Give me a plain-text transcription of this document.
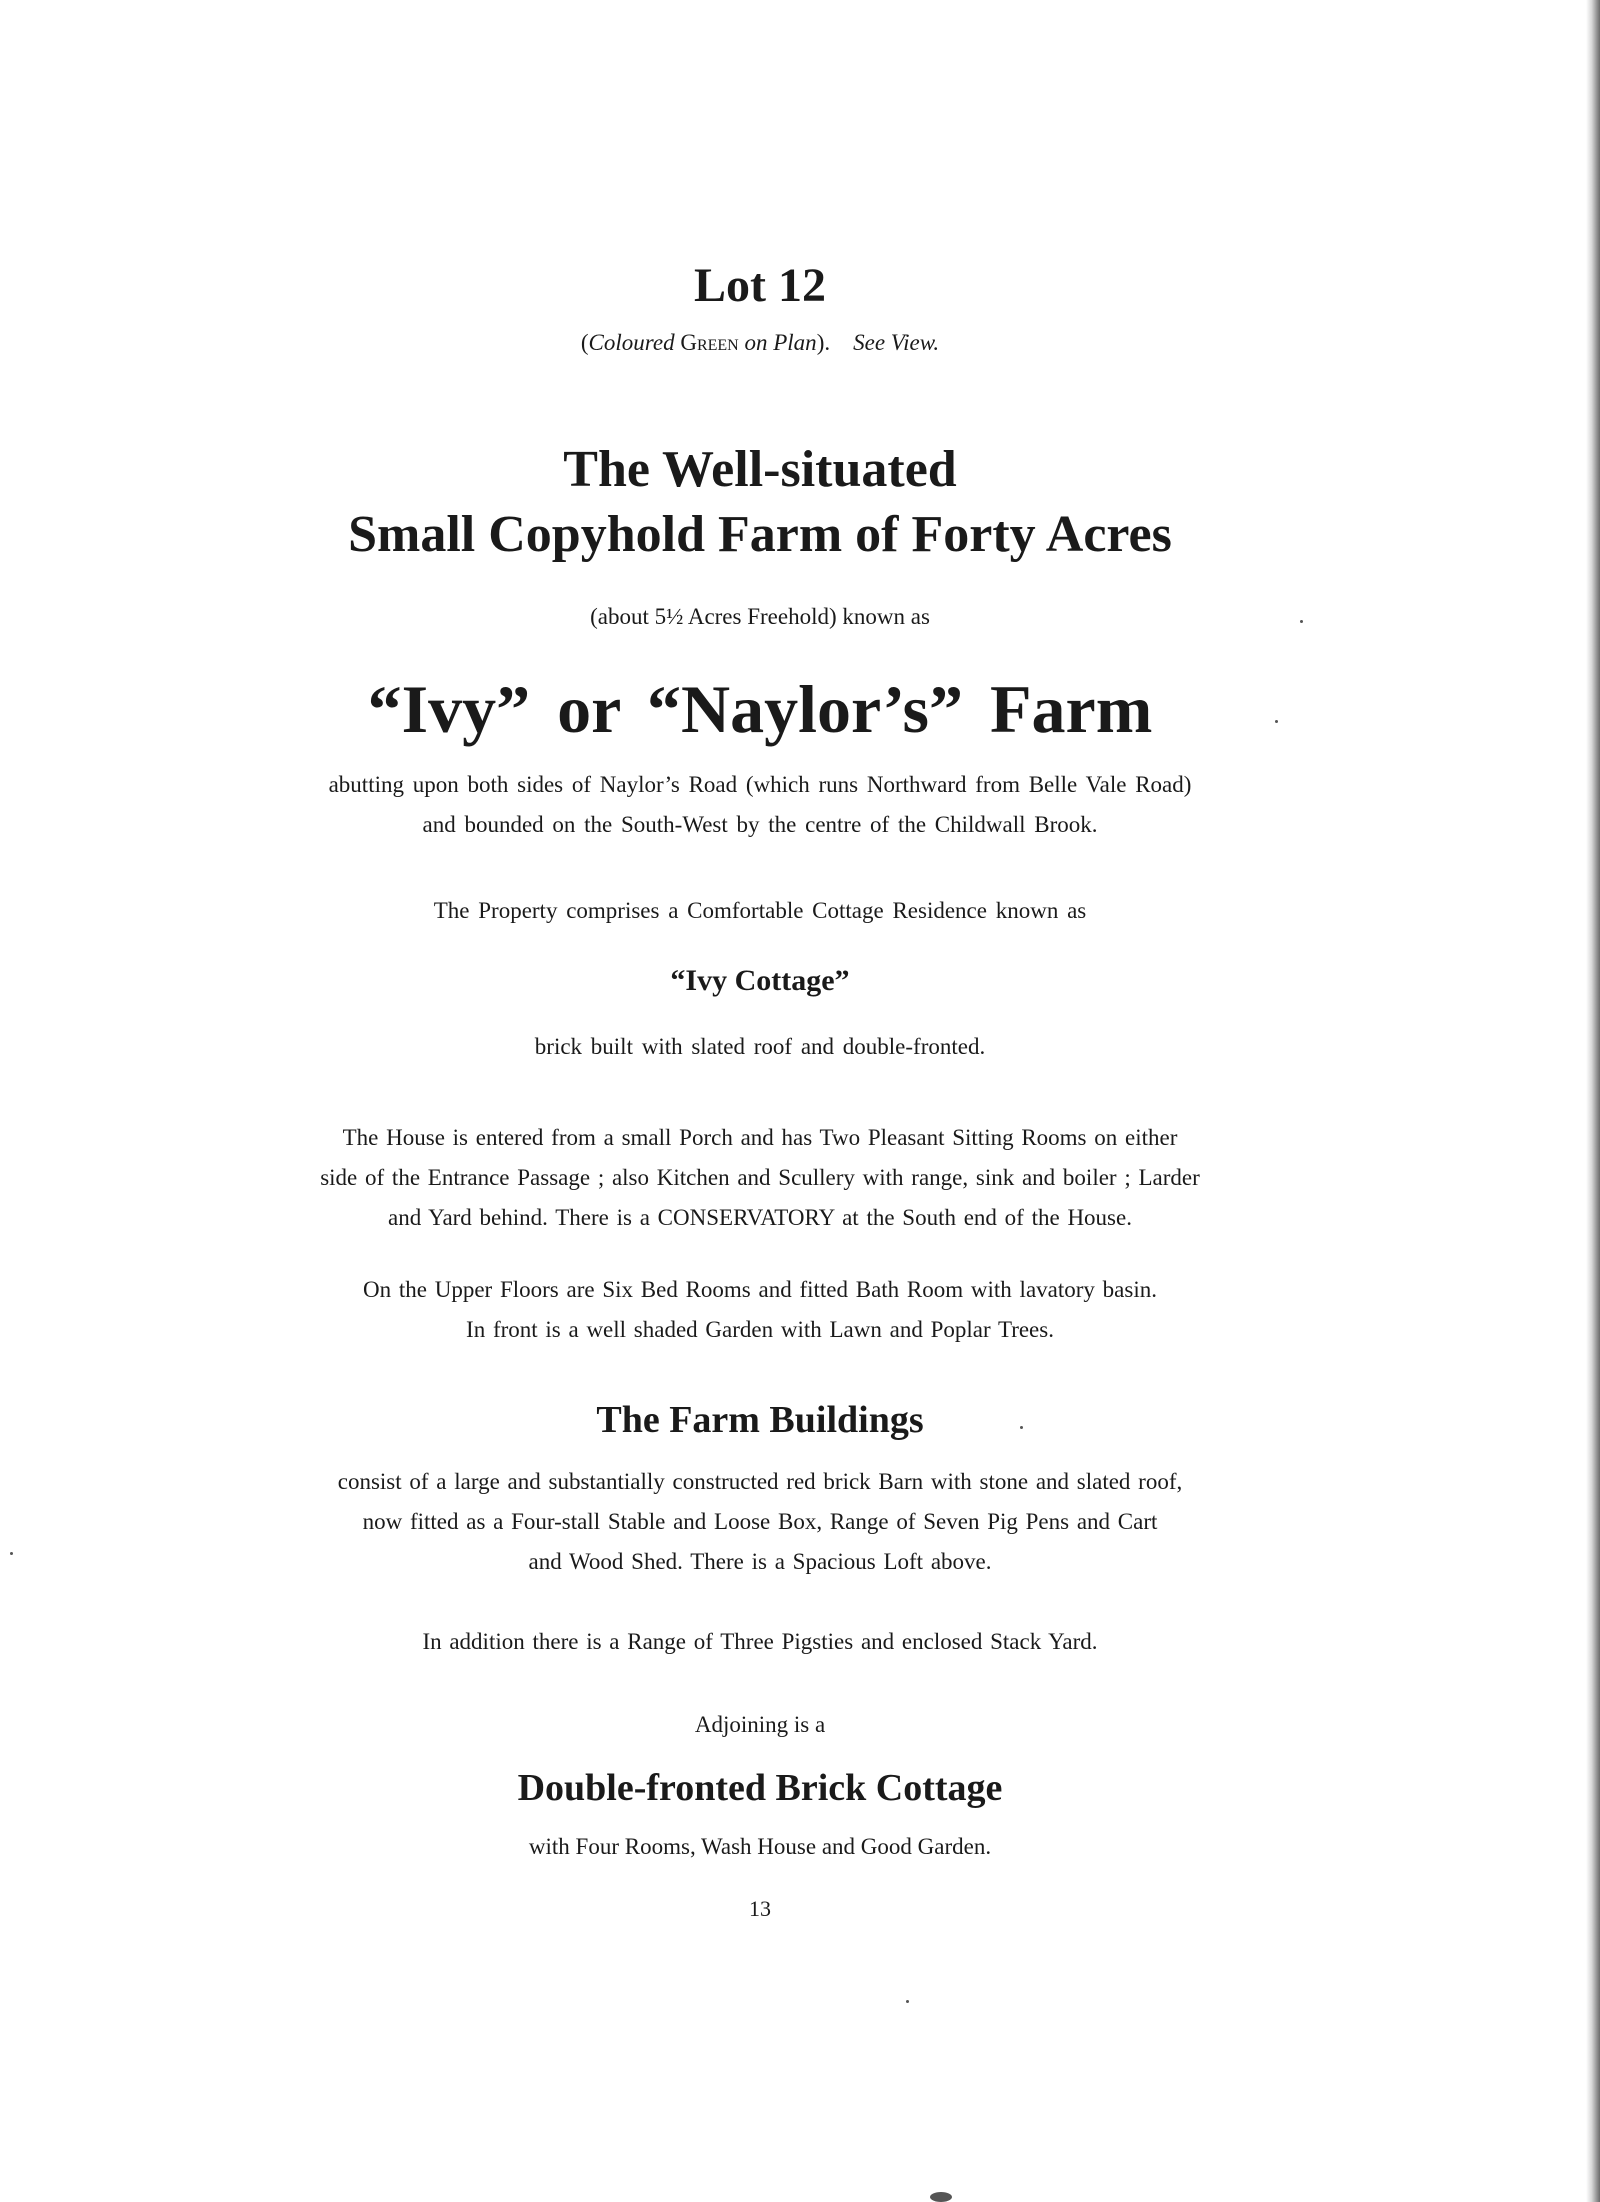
Lot 12
(Coloured Green on Plan). See View.
The Well-situated
Small Copyhold Farm of Forty Acres
(about 5½ Acres Freehold) known as
“Ivy” or “Naylor’s” Farm
abutting upon both sides of Naylor’s Road (which runs Northward from Belle Vale Road)
and bounded on the South-West by the centre of the Childwall Brook.
The Property comprises a Comfortable Cottage Residence known as
“Ivy Cottage”
brick built with slated roof and double-fronted.
The House is entered from a small Porch and has Two Pleasant Sitting Rooms on either
side of the Entrance Passage ; also Kitchen and Scullery with range, sink and boiler ; Larder
and Yard behind. There is a CONSERVATORY at the South end of the House.
On the Upper Floors are Six Bed Rooms and fitted Bath Room with lavatory basin.
In front is a well shaded Garden with Lawn and Poplar Trees.
The Farm Buildings
consist of a large and substantially constructed red brick Barn with stone and slated roof,
now fitted as a Four-stall Stable and Loose Box, Range of Seven Pig Pens and Cart
and Wood Shed. There is a Spacious Loft above.
In addition there is a Range of Three Pigsties and enclosed Stack Yard.
Adjoining is a
Double-fronted Brick Cottage
with Four Rooms, Wash House and Good Garden.
13
